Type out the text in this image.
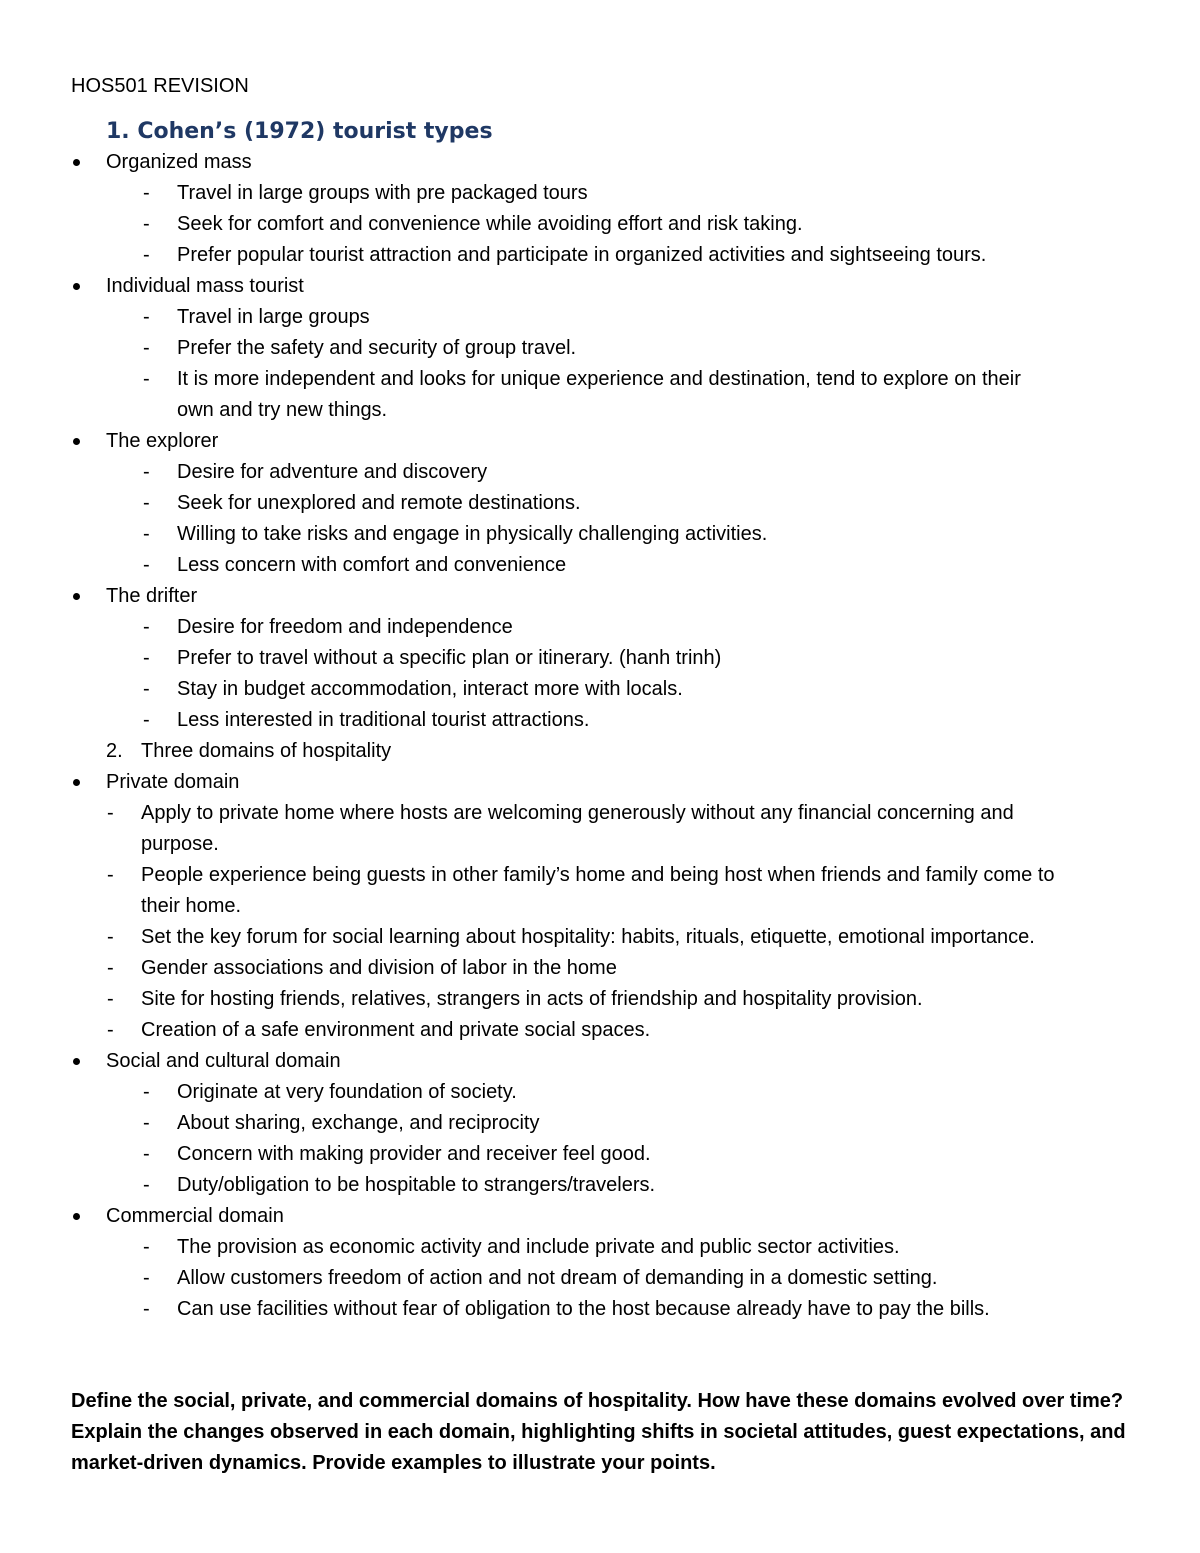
HOS501 REVISION
1. Cohen’s (1972) tourist types
Organized mass
- Travel in large groups with pre packaged tours
- Seek for comfort and convenience while avoiding effort and risk taking.
- Prefer popular tourist attraction and participate in organized activities and sightseeing tours.
Individual mass tourist
- Travel in large groups
- Prefer the safety and security of group travel.
- It is more independent and looks for unique experience and destination, tend to explore on their
own and try new things.
The explorer
- Desire for adventure and discovery
- Seek for unexplored and remote destinations.
- Willing to take risks and engage in physically challenging activities.
- Less concern with comfort and convenience
The drifter
- Desire for freedom and independence
- Prefer to travel without a specific plan or itinerary. (hanh trinh)
- Stay in budget accommodation, interact more with locals.
- Less interested in traditional tourist attractions.
2. Three domains of hospitality
Private domain
- Apply to private home where hosts are welcoming generously without any financial concerning and
purpose.
- People experience being guests in other family’s home and being host when friends and family come to
their home.
- Set the key forum for social learning about hospitality: habits, rituals, etiquette, emotional importance.
- Gender associations and division of labor in the home
- Site for hosting friends, relatives, strangers in acts of friendship and hospitality provision.
- Creation of a safe environment and private social spaces.
Social and cultural domain
- Originate at very foundation of society.
- About sharing, exchange, and reciprocity
- Concern with making provider and receiver feel good.
- Duty/obligation to be hospitable to strangers/travelers.
Commercial domain
- The provision as economic activity and include private and public sector activities.
- Allow customers freedom of action and not dream of demanding in a domestic setting.
- Can use facilities without fear of obligation to the host because already have to pay the bills.
Define the social, private, and commercial domains of hospitality. How have these domains evolved over time? Explain the changes observed in each domain, highlighting shifts in societal attitudes, guest expectations, and market-driven dynamics. Provide examples to illustrate your points.
